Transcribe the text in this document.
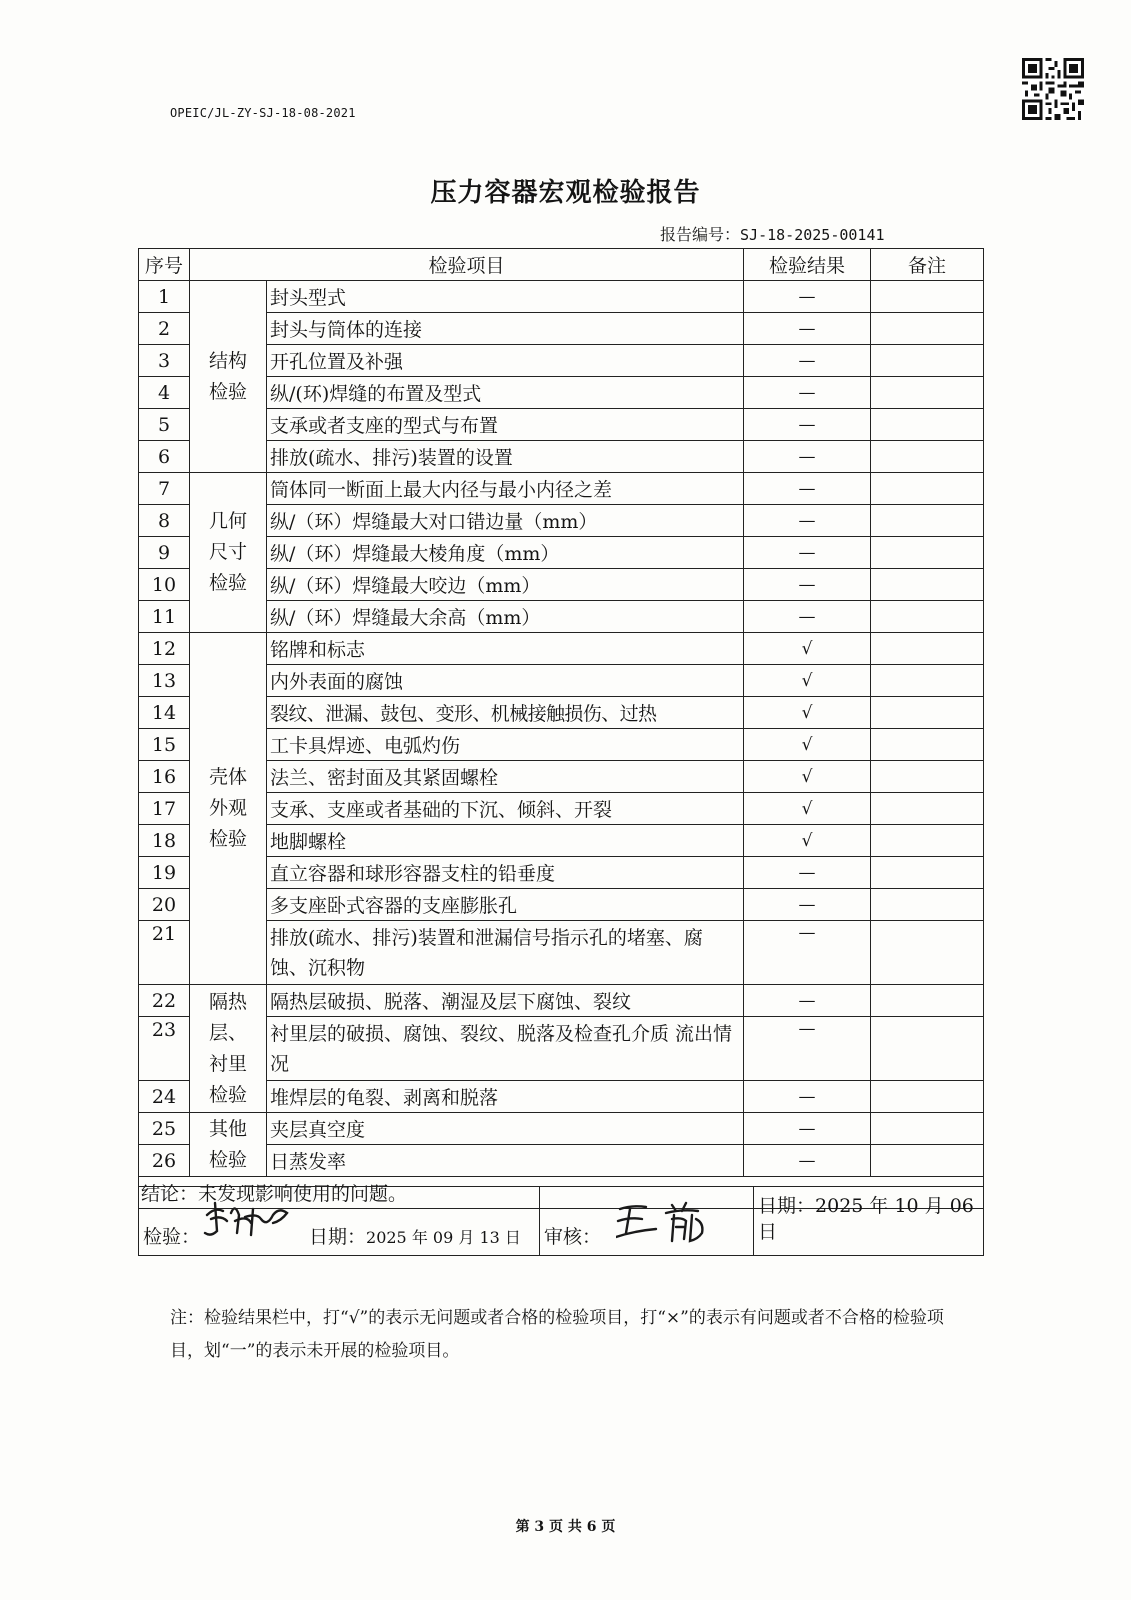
OPEIC/JL-ZY-SJ-18-08-2021
压力容器宏观检验报告
报告编号：SJ-18-2025-00141
序号	检验项目		检验结果	备注
1	结构检验	封头型式	—	
2		封头与筒体的连接	—	
3		开孔位置及补强	—	
4		纵/(环)焊缝的布置及型式	—	
5		支承或者支座的型式与布置	—	
6		排放(疏水、排污)装置的设置	—	
7	几何尺寸检验	筒体同一断面上最大内径与最小内径之差	—	
8		纵/（环）焊缝最大对口错边量（mm）	—	
9		纵/（环）焊缝最大棱角度（mm）	—	
10		纵/（环）焊缝最大咬边（mm）	—	
11		纵/（环）焊缝最大余高（mm）	—	
12	壳体外观检验	铭牌和标志	√	
13		内外表面的腐蚀	√	
14		裂纹、泄漏、鼓包、变形、机械接触损伤、过热	√	
15		工卡具焊迹、电弧灼伤	√	
16		法兰、密封面及其紧固螺栓	√	
17		支承、支座或者基础的下沉、倾斜、开裂	√	
18		地脚螺栓	√	
19		直立容器和球形容器支柱的铅垂度	—	
20		多支座卧式容器的支座膨胀孔	—	
21		排放(疏水、排污)装置和泄漏信号指示孔的堵塞、腐蚀、沉积物	—	
22	隔热层、衬里检验	隔热层破损、脱落、潮湿及层下腐蚀、裂纹	—	
23		衬里层的破损、腐蚀、裂纹、脱落及检查孔介质 流出情况	—	
24		堆焊层的龟裂、剥离和脱落	—	
25	其他检验	夹层真空度	—	
26		日蒸发率	—	
结论：未发现影响使用的问题。				
检验：	日期：2025 年 09 月 13 日	审核：
	日期：2025 年 10 月 06 日
注：检验结果栏中，打“√”的表示无问题或者合格的检验项目，打“×”的表示有问题或者不合格的检验项目，划“一”的表示未开展的检验项目。
第 3 页 共 6 页
